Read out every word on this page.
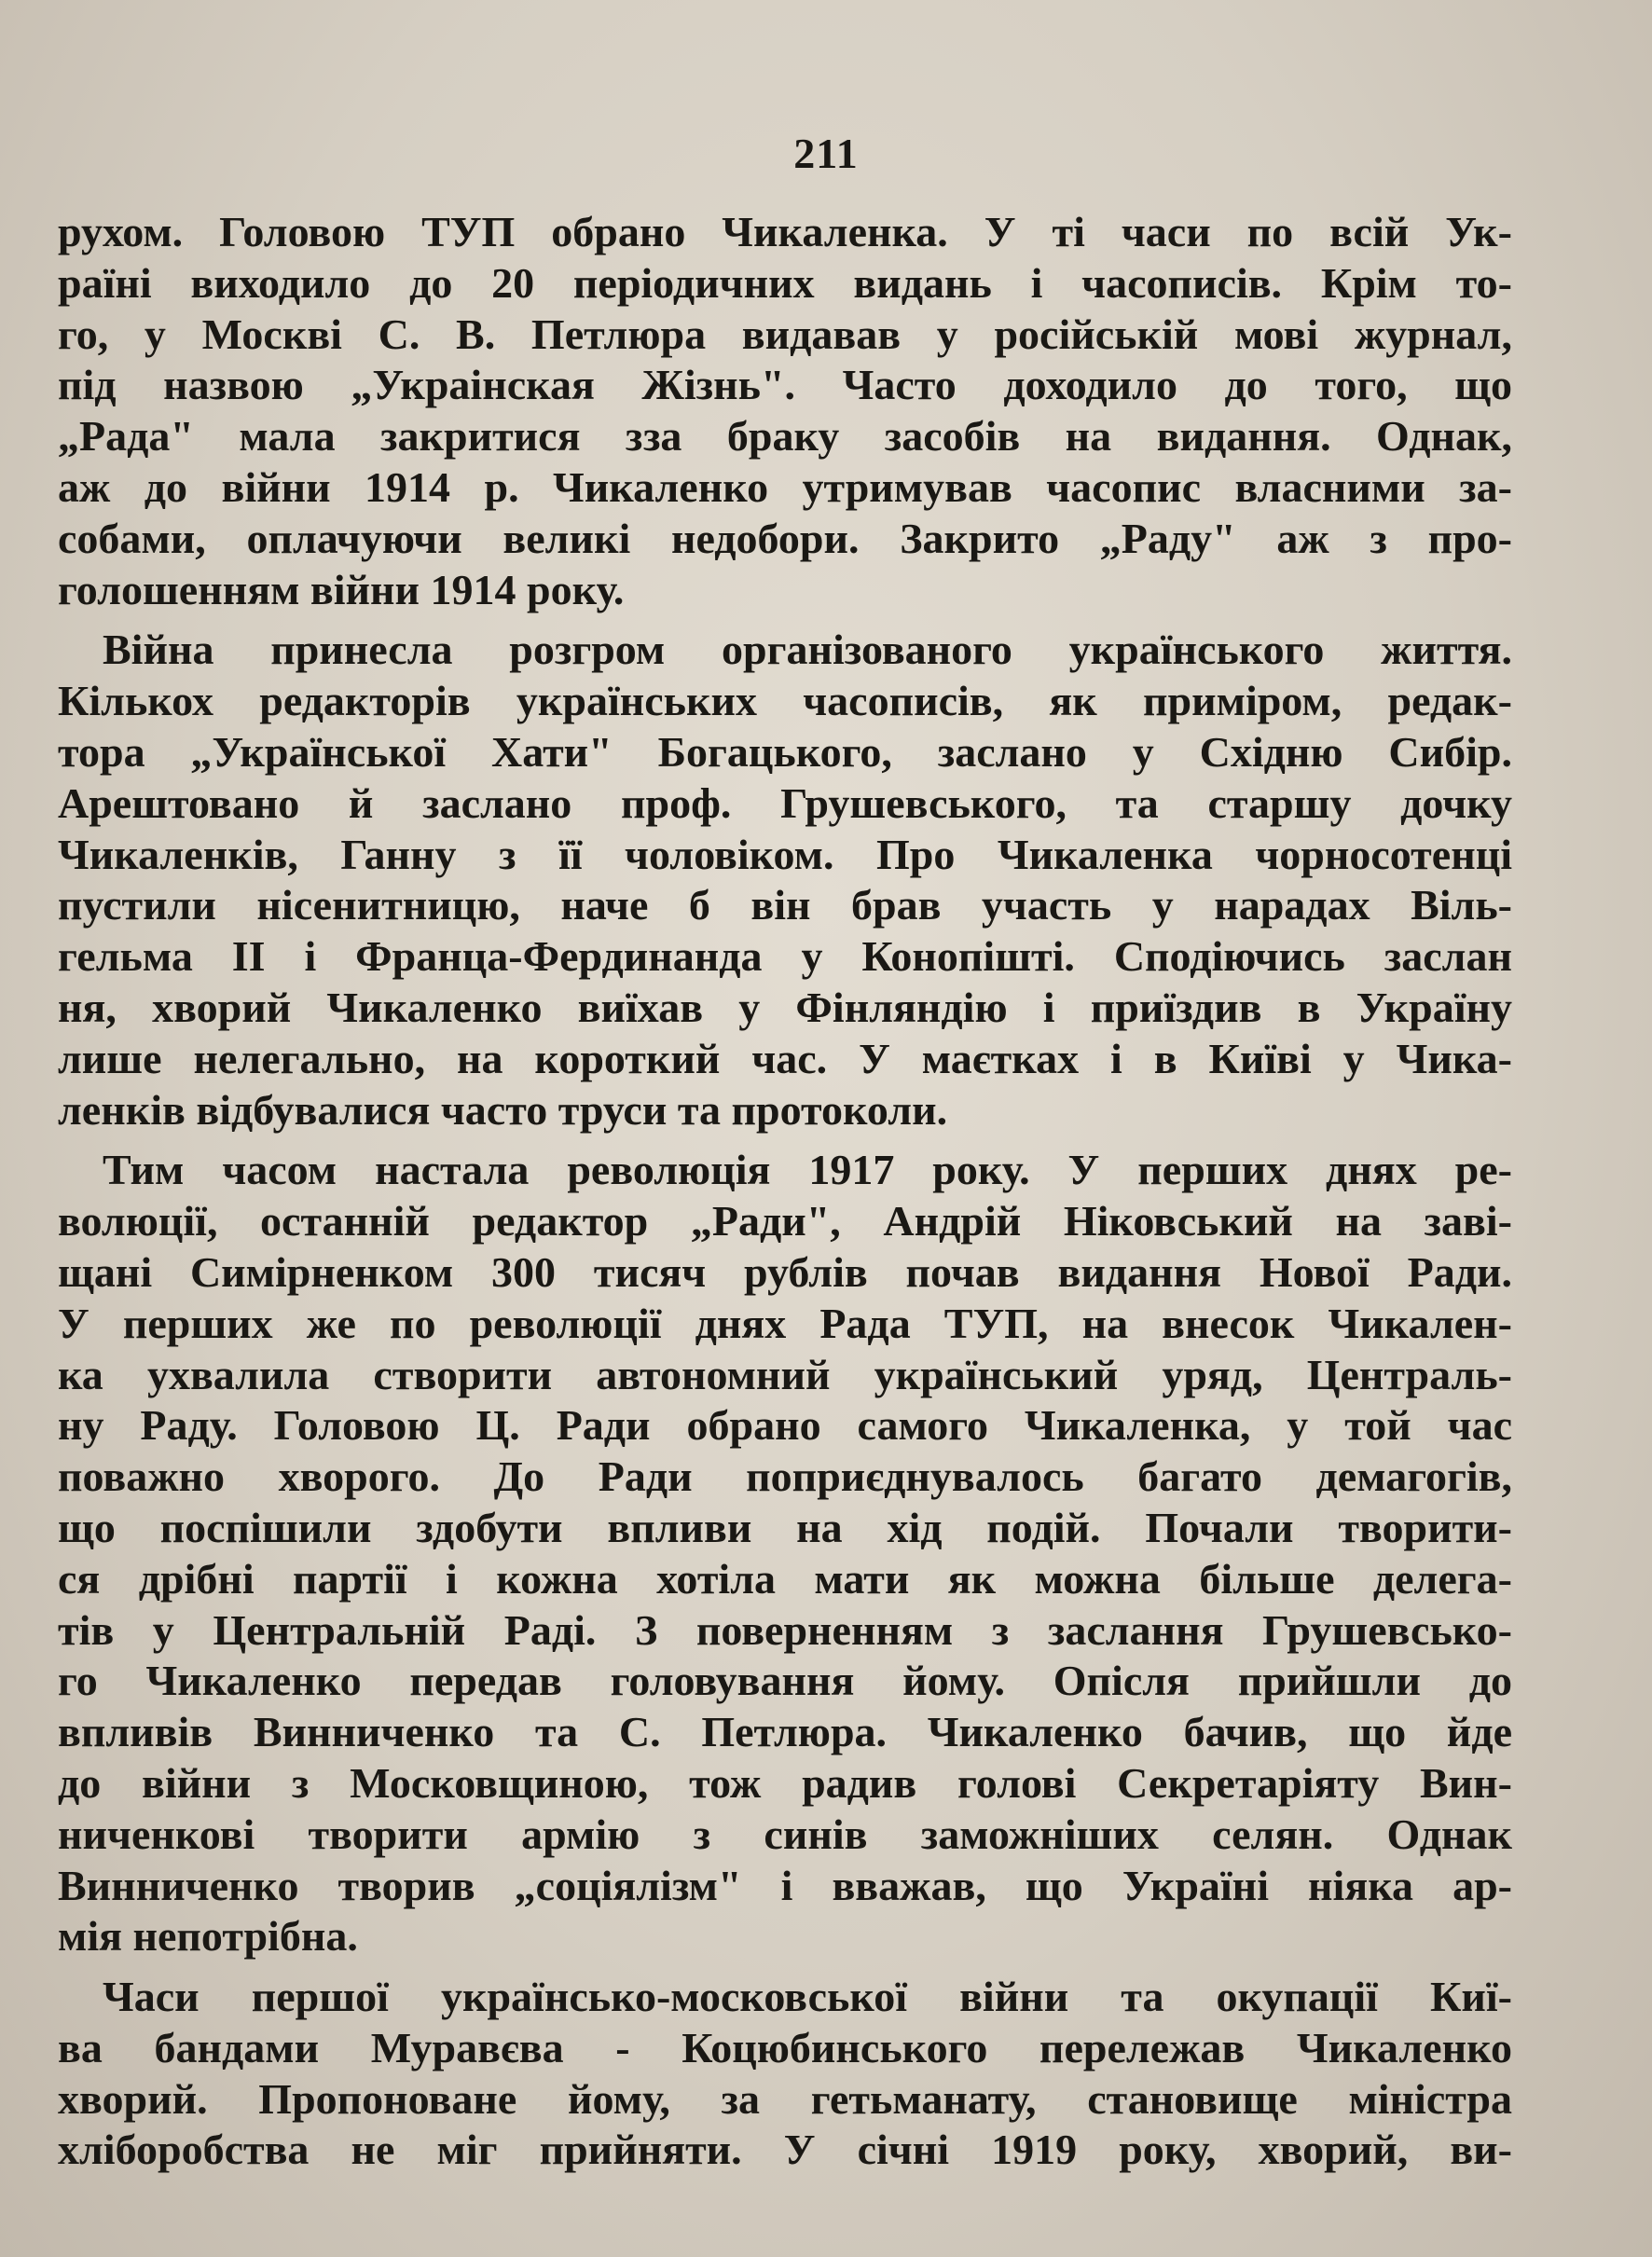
211
рухом. Головою ТУП обрано Чикаленка. У ті часи по всій Ук-
раїні виходило до 20 періодичних видань і часописів. Крім то-
го, у Москві С. В. Петлюра видавав у російській мові журнал,
під назвою „Украінская Жізнь". Часто доходило до того, що
„Рада" мала закритися зза браку засобів на видання. Однак,
аж до війни 1914 р. Чикаленко утримував часопис власними за-
собами, оплачуючи великі недобори. Закрито „Раду" аж з про-
голошенням війни 1914 року.
Війна принесла розгром організованого українського життя.
Кількох редакторів українських часописів, як приміром, редак-
тора „Української Хати" Богацького, заслано у Східню Сибір.
Арештовано й заслано проф. Грушевського, та старшу дочку
Чикаленків, Ганну з її чоловіком. Про Чикаленка чорносотенці
пустили нісенитницю, наче б він брав участь у нарадах Віль-
гельма ІІ і Франца-Фердинанда у Конопішті. Сподіючись заслан
ня, хворий Чикаленко виїхав у Фінляндію і приїздив в Україну
лише нелегально, на короткий час. У маєтках і в Київі у Чика-
ленків відбувалися часто труси та протоколи.
Тим часом настала революція 1917 року. У перших днях ре-
волюції, останній редактор „Ради", Андрій Ніковський на заві-
щані Симірненком 300 тисяч рублів почав видання Нової Ради.
У перших же по революції днях Рада ТУП, на внесок Чикален-
ка ухвалила створити автономний український уряд, Централь-
ну Раду. Головою Ц. Ради обрано самого Чикаленка, у той час
поважно хворого. До Ради поприєднувалось багато демагогів,
що поспішили здобути впливи на хід подій. Почали творити-
ся дрібні партії і кожна хотіла мати як можна більше делега-
тів у Центральній Раді. З поверненням з заслання Грушевсько-
го Чикаленко передав головування йому. Опісля прийшли до
впливів Винниченко та С. Петлюра. Чикаленко бачив, що йде
до війни з Московщиною, тож радив голові Секретаріяту Вин-
ниченкові творити армію з синів заможніших селян. Однак
Винниченко творив „соціялізм" і вважав, що Україні ніяка ар-
мія непотрібна.
Часи першої українсько-московської війни та окупації Киї-
ва бандами Муравєва - Коцюбинського перележав Чикаленко
хворий. Пропоноване йому, за гетьманату, становище міністра
хліборобства не міг прийняти. У січні 1919 року, хворий, ви-
